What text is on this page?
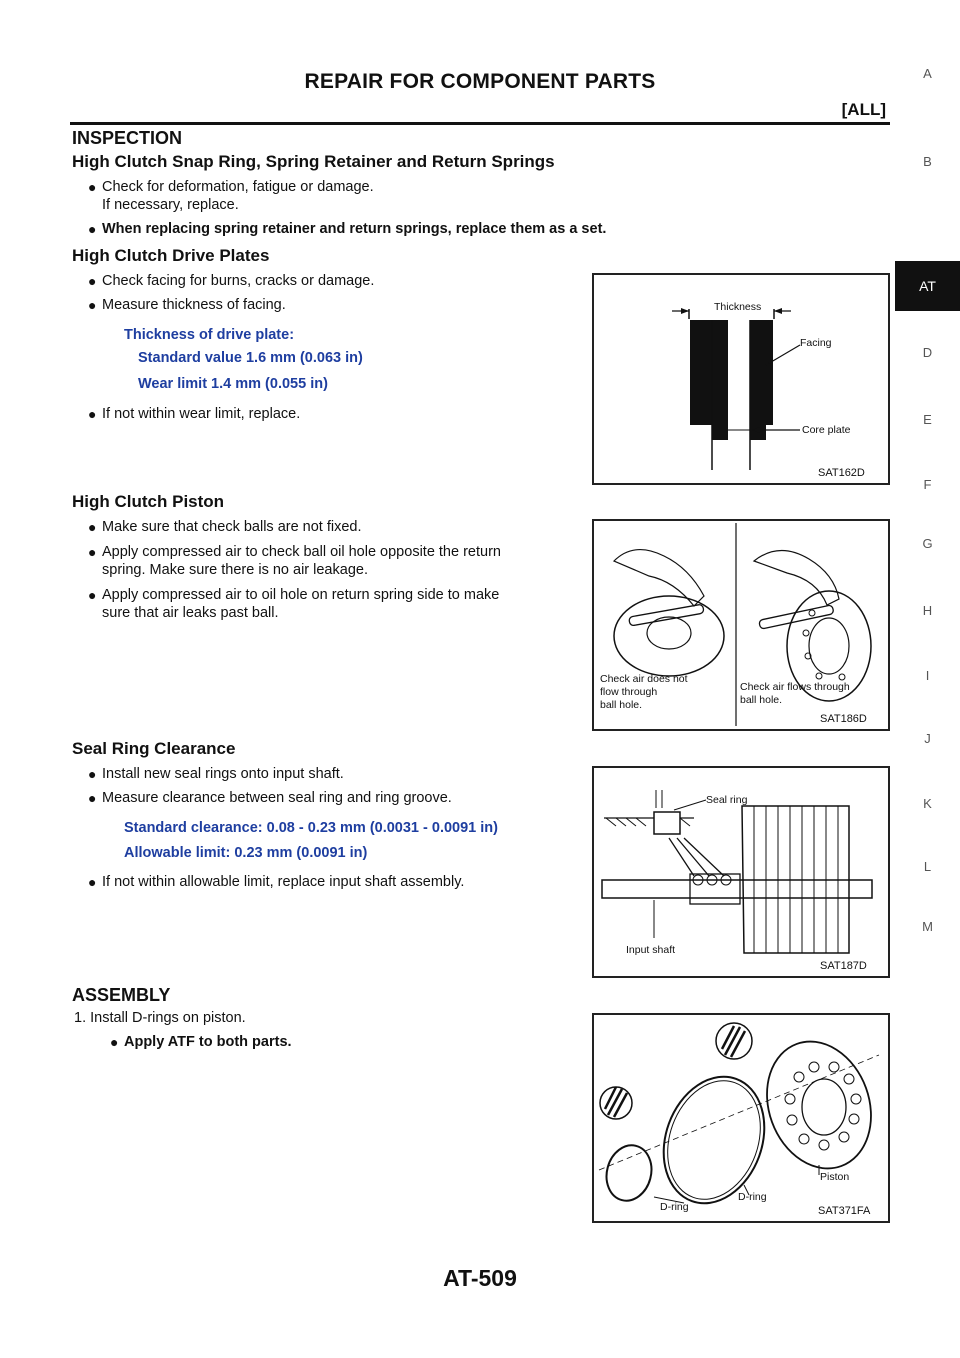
REPAIR FOR COMPONENT PARTS
[ALL]
A
B
AT
D
E
F
G
H
I
J
K
L
M
INSPECTION
High Clutch Snap Ring, Spring Retainer and Return Springs
● Check for deformation, fatigue or damage.
If necessary, replace.
● When replacing spring retainer and return springs, replace them as a set.
High Clutch Drive Plates
● Check facing for burns, cracks or damage.
● Measure thickness of facing.
Thickness of drive plate:
Standard value 1.6 mm (0.063 in)
Wear limit 1.4 mm (0.055 in)
● If not within wear limit, replace.
Thickness
Facing
Core plate
SAT162D
High Clutch Piston
● Make sure that check balls are not fixed.
● Apply compressed air to check ball oil hole opposite the return
spring. Make sure there is no air leakage.
● Apply compressed air to oil hole on return spring side to make
sure that air leaks past ball.
Check air does not
flow through
ball hole.
Check air flows through
ball hole.
SAT186D
Seal Ring Clearance
● Install new seal rings onto input shaft.
● Measure clearance between seal ring and ring groove.
Standard clearance: 0.08 - 0.23 mm (0.0031 - 0.0091 in)
Allowable limit: 0.23 mm (0.0091 in)
● If not within allowable limit, replace input shaft assembly.
Seal ring
Input shaft
SAT187D
ASSEMBLY
1. Install D-rings on piston.
● Apply ATF to both parts.
Piston
D-ring
D-ring	SAT371FA
AT-509
